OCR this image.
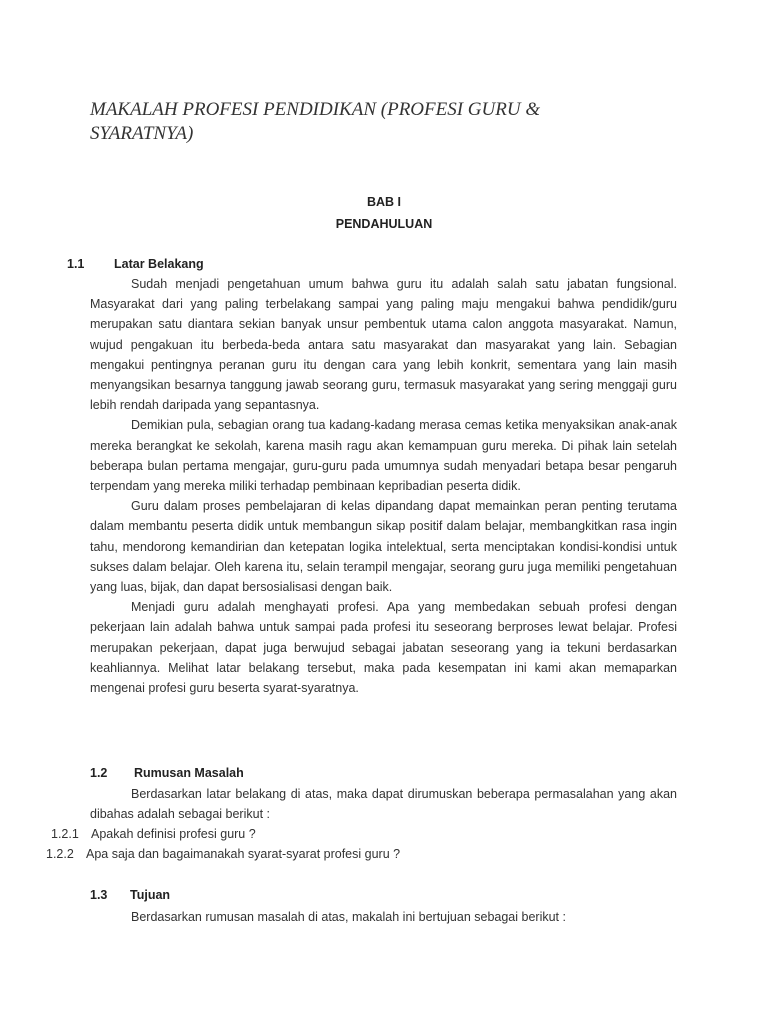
MAKALAH PROFESI PENDIDIKAN (PROFESI GURU & SYARATNYA)
BAB I
PENDAHULUAN
1.1 Latar Belakang

Sudah menjadi pengetahuan umum bahwa guru itu adalah salah satu jabatan fungsional. Masyarakat dari yang paling terbelakang sampai yang paling maju mengakui bahwa pendidik/guru merupakan satu diantara sekian banyak unsur pembentuk utama calon anggota masyarakat. Namun, wujud pengakuan itu berbeda-beda antara satu masyarakat dan masyarakat yang lain. Sebagian mengakui pentingnya peranan guru itu dengan cara yang lebih konkrit, sementara yang lain masih menyangsikan besarnya tanggung jawab seorang guru, termasuk masyarakat yang sering menggaji guru lebih rendah daripada yang sepantasnya.

Demikian pula, sebagian orang tua kadang-kadang merasa cemas ketika menyaksikan anak-anak mereka berangkat ke sekolah, karena masih ragu akan kemampuan guru mereka. Di pihak lain setelah beberapa bulan pertama mengajar, guru-guru pada umumnya sudah menyadari betapa besar pengaruh terpendam yang mereka miliki terhadap pembinaan kepribadian peserta didik.

Guru dalam proses pembelajaran di kelas dipandang dapat memainkan peran penting terutama dalam membantu peserta didik untuk membangun sikap positif dalam belajar, membangkitkan rasa ingin tahu, mendorong kemandirian dan ketepatan logika intelektual, serta menciptakan kondisi-kondisi untuk sukses dalam belajar. Oleh karena itu, selain terampil mengajar, seorang guru juga memiliki pengetahuan yang luas, bijak, dan dapat bersosialisasi dengan baik.

Menjadi guru adalah menghayati profesi. Apa yang membedakan sebuah profesi dengan pekerjaan lain adalah bahwa untuk sampai pada profesi itu seseorang berproses lewat belajar. Profesi merupakan pekerjaan, dapat juga berwujud sebagai jabatan seseorang yang ia tekuni berdasarkan keahliannya. Melihat latar belakang tersebut, maka pada kesempatan ini kami akan memaparkan mengenai profesi guru beserta syarat-syaratnya.

1.2 Rumusan Masalah

Berdasarkan latar belakang di atas, maka dapat dirumuskan beberapa permasalahan yang akan dibahas adalah sebagai berikut :

1.2.1 Apakah definisi profesi guru ?
1.2.2 Apa saja dan bagaimanakah syarat-syarat profesi guru ?
1.3 Tujuan

Berdasarkan rumusan masalah di atas, makalah ini bertujuan sebagai berikut :
